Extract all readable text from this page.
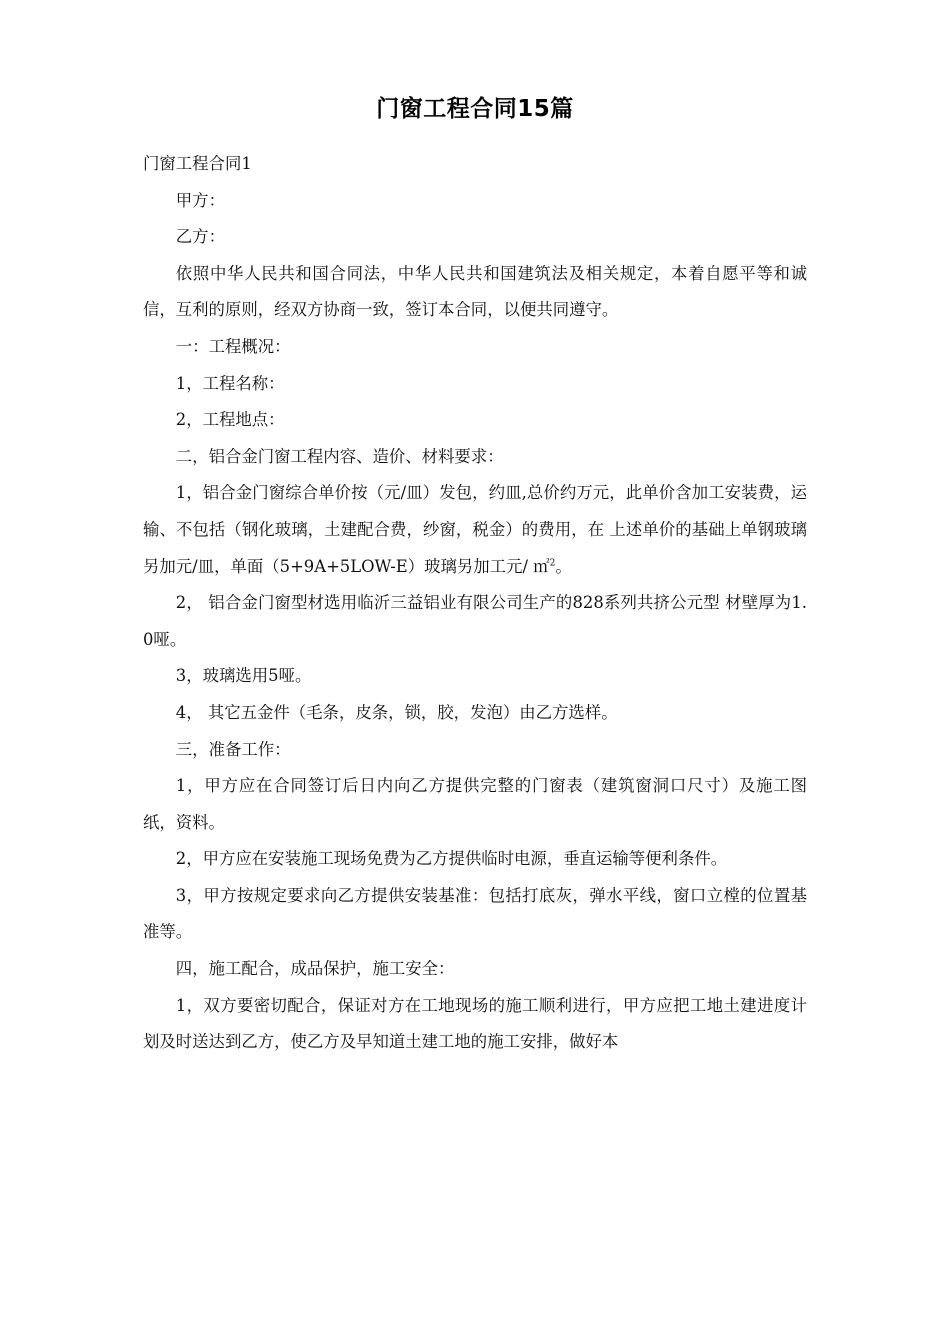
门窗工程合同15篇

门窗工程合同1

甲方：

乙方：

依照中华人民共和国合同法，中华人民共和国建筑法及相关规定，本着自愿平等和诚信，互利的原则，经双方协商一致，签订本合同，以便共同遵守。

一：工程概况：

1，工程名称：

2，工程地点：

二，铝合金门窗工程内容、造价、材料要求：

1，铝合金门窗综合单价按（元/皿）发包，约皿,总价约万元，此单价含加工安装费，运输、不包括（钢化玻璃，土建配合费，纱窗，税金）的费用，在 上述单价的基础上单钢玻璃另加元/皿，单面（5+9A+5LOW-E）玻璃另加工元/ ㎡$^2$。

2， 铝合金门窗型材选用临沂三益铝业有限公司生产的828系列共挤公元型 材壁厚为1.0哑。

3，玻璃选用5哑。

4， 其它五金件（毛条，皮条，锁，胶，发泡）由乙方选样。

三，准备工作：

1，甲方应在合同签订后日内向乙方提供完整的门窗表（建筑窗洞口尺寸）及施工图纸，资料。

2，甲方应在安装施工现场免费为乙方提供临时电源，垂直运输等便利条件。

3，甲方按规定要求向乙方提供安装基准：包括打底灰，弹水平线，窗口立樘的位置基准等。

四，施工配合，成品保护，施工安全：

1，双方要密切配合，保证对方在工地现场的施工顺利进行，甲方应把工地土建进度计划及时送达到乙方，使乙方及早知道土建工地的施工安排，做好本
